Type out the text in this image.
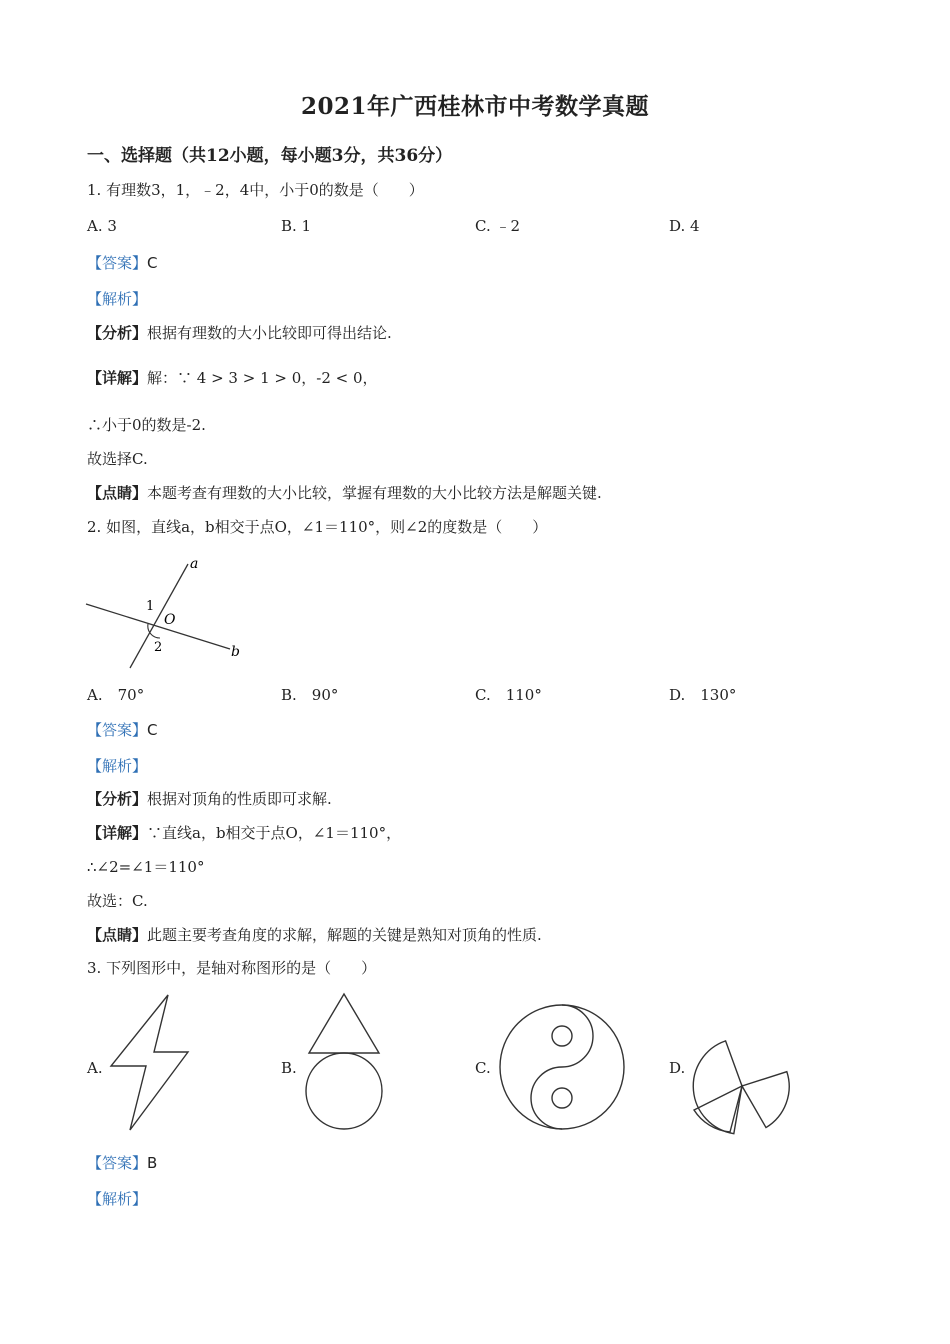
2021年广西桂林市中考数学真题
一、选择题（共12小题，每小题3分，共36分）
1. 有理数3，1，﹣2，4中，小于0的数是（　　）
A. 3	B. 1	C. ﹣2	D. 4
【答案】C
【解析】
【分析】根据有理数的大小比较即可得出结论.
【详解】解：∵ 4 > 3 > 1 > 0，-2 < 0，
∴小于0的数是-2.
故选择C.
【点睛】本题考查有理数的大小比较，掌握有理数的大小比较方法是解题关键.
2. 如图，直线a，b相交于点O，∠1＝110°，则∠2的度数是（　　）
a
b
O
1
2
A.　70°	B.　90°	C.　110°	D.　130°
【答案】C
【解析】
【分析】根据对顶角的性质即可求解.
【详解】∵直线a，b相交于点O，∠1＝110°，
∴∠2=∠1＝110°
故选：C.
【点睛】此题主要考查角度的求解，解题的关键是熟知对顶角的性质.
3. 下列图形中，是轴对称图形的是（　　）
A.	B.	C.	D.
【答案】B
【解析】
